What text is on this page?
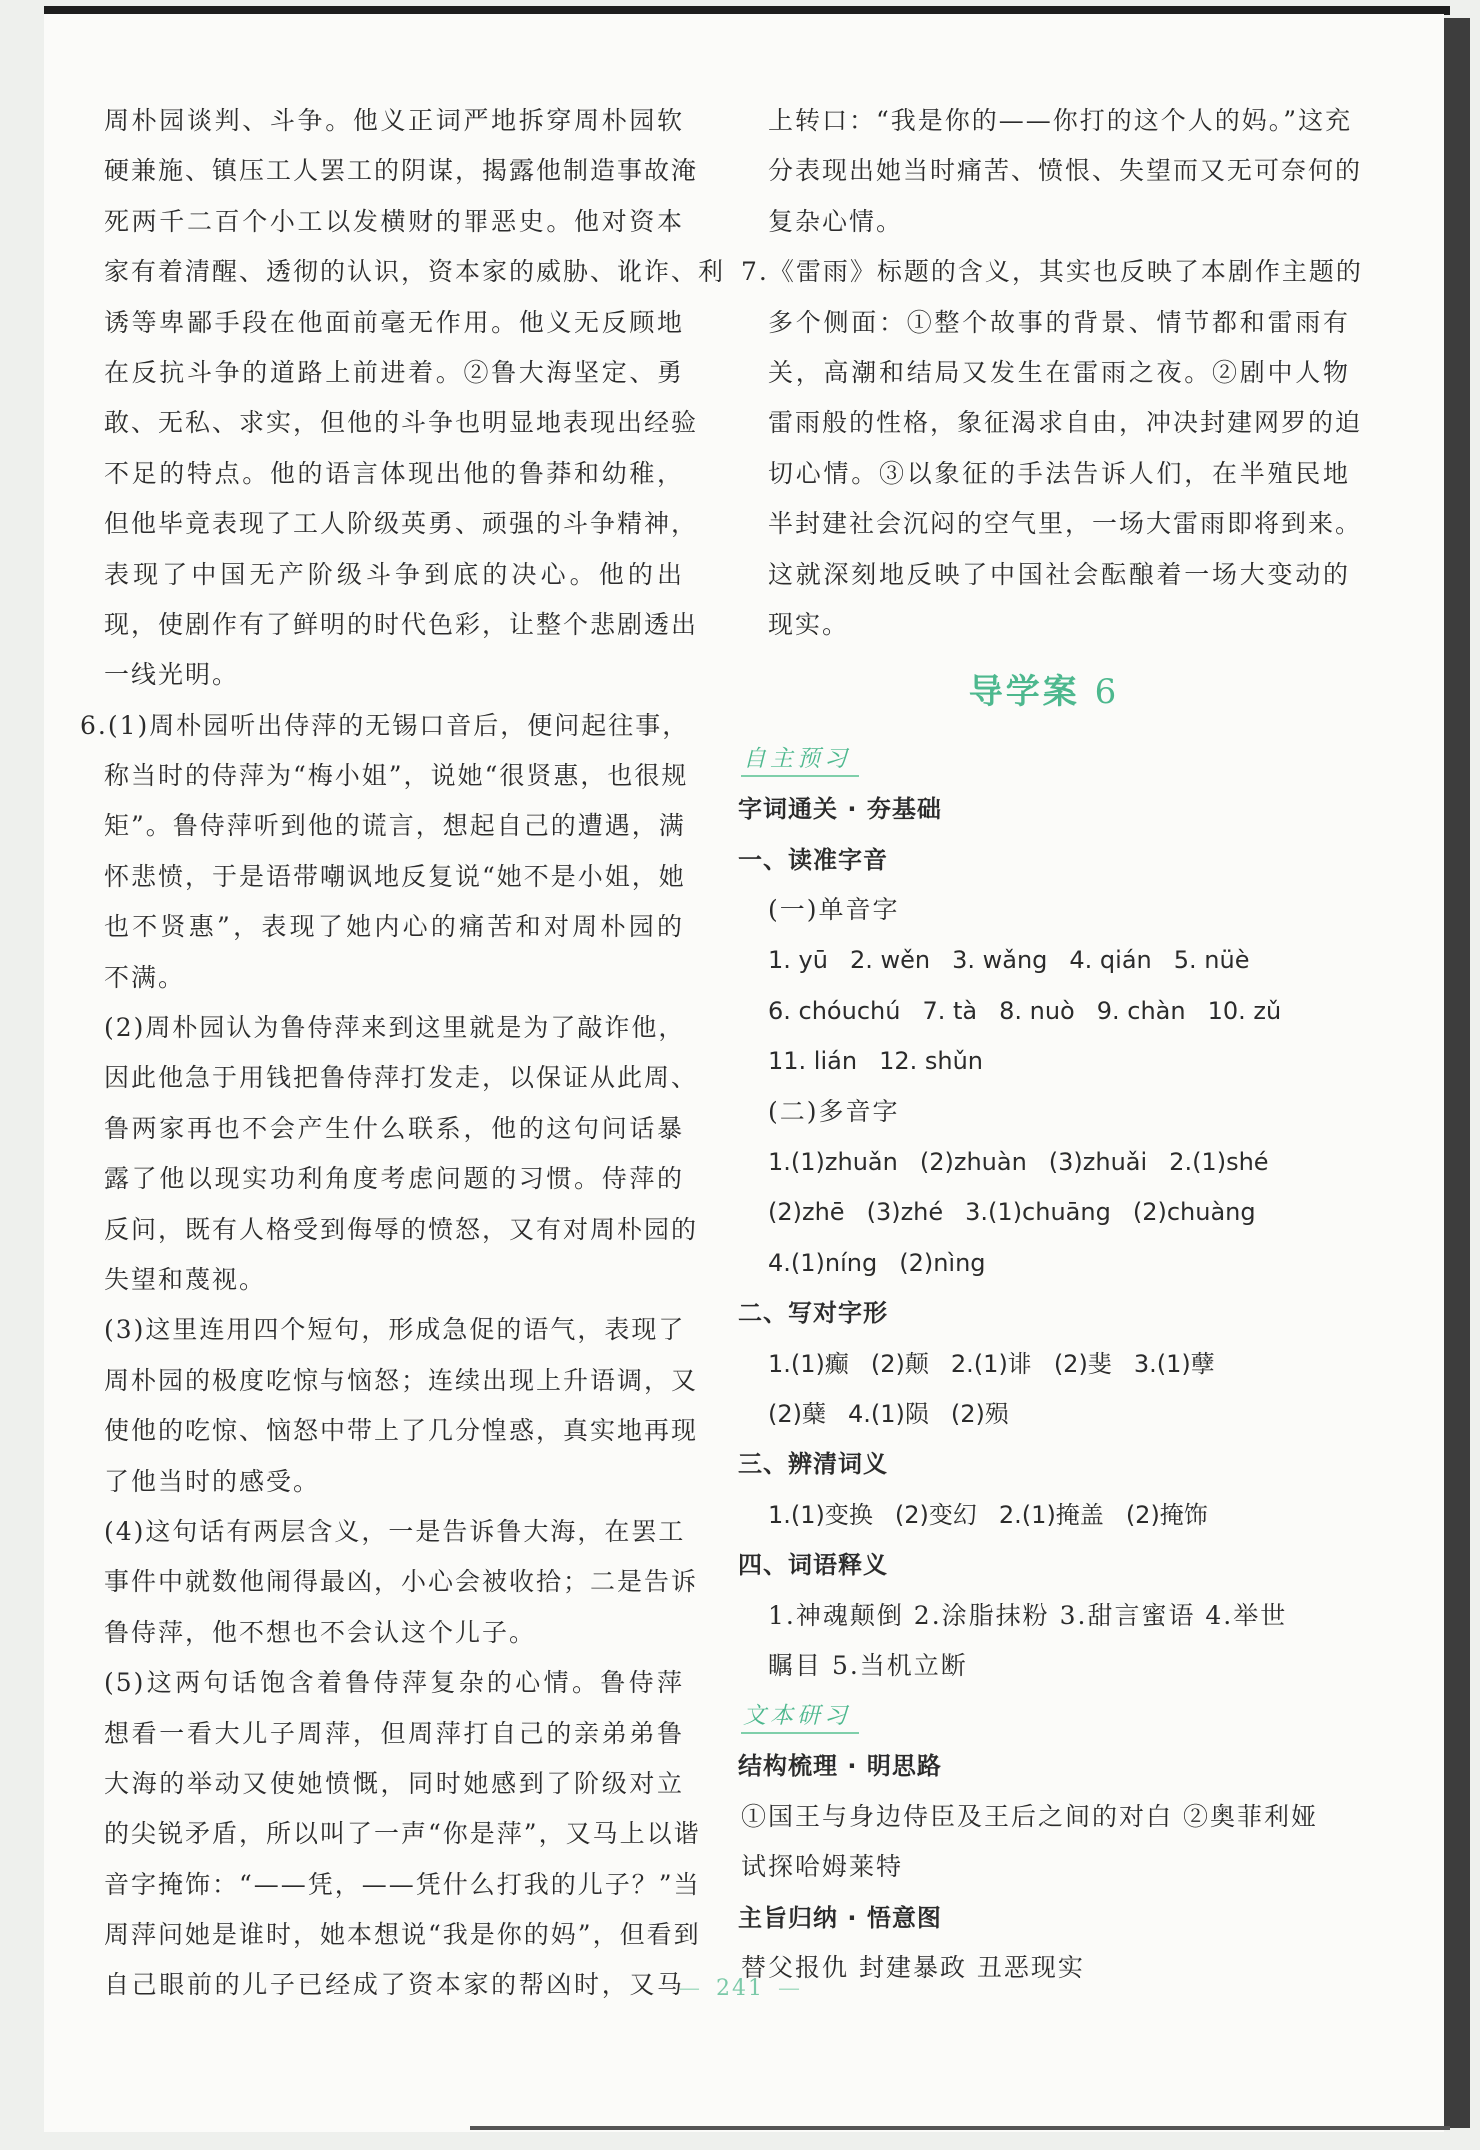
周朴园谈判、斗争。他义正词严地拆穿周朴园软
硬兼施、镇压工人罢工的阴谋，揭露他制造事故淹
死两千二百个小工以发横财的罪恶史。他对资本
家有着清醒、透彻的认识，资本家的威胁、讹诈、利
诱等卑鄙手段在他面前毫无作用。他义无反顾地
在反抗斗争的道路上前进着。②鲁大海坚定、勇
敢、无私、求实，但他的斗争也明显地表现出经验
不足的特点。他的语言体现出他的鲁莽和幼稚，
但他毕竟表现了工人阶级英勇、顽强的斗争精神，
表现了中国无产阶级斗争到底的决心。他的出
现，使剧作有了鲜明的时代色彩，让整个悲剧透出
一线光明。
6.(1)周朴园听出侍萍的无锡口音后，便问起往事，
称当时的侍萍为“梅小姐”，说她“很贤惠，也很规
矩”。鲁侍萍听到他的谎言，想起自己的遭遇，满
怀悲愤，于是语带嘲讽地反复说“她不是小姐，她
也不贤惠”，表现了她内心的痛苦和对周朴园的
不满。
(2)周朴园认为鲁侍萍来到这里就是为了敲诈他，
因此他急于用钱把鲁侍萍打发走，以保证从此周、
鲁两家再也不会产生什么联系，他的这句问话暴
露了他以现实功利角度考虑问题的习惯。侍萍的
反问，既有人格受到侮辱的愤怒，又有对周朴园的
失望和蔑视。
(3)这里连用四个短句，形成急促的语气，表现了
周朴园的极度吃惊与恼怒；连续出现上升语调，又
使他的吃惊、恼怒中带上了几分惶惑，真实地再现
了他当时的感受。
(4)这句话有两层含义，一是告诉鲁大海，在罢工
事件中就数他闹得最凶，小心会被收拾；二是告诉
鲁侍萍，他不想也不会认这个儿子。
(5)这两句话饱含着鲁侍萍复杂的心情。鲁侍萍
想看一看大儿子周萍，但周萍打自己的亲弟弟鲁
大海的举动又使她愤慨，同时她感到了阶级对立
的尖锐矛盾，所以叫了一声“你是萍”，又马上以谐
音字掩饰：“——凭，——凭什么打我的儿子？”当
周萍问她是谁时，她本想说“我是你的妈”，但看到
自己眼前的儿子已经成了资本家的帮凶时，又马
上转口：“我是你的——你打的这个人的妈。”这充
分表现出她当时痛苦、愤恨、失望而又无可奈何的
复杂心情。
7.《雷雨》标题的含义，其实也反映了本剧作主题的
多个侧面：①整个故事的背景、情节都和雷雨有
关，高潮和结局又发生在雷雨之夜。②剧中人物
雷雨般的性格，象征渴求自由，冲决封建网罗的迫
切心情。③以象征的手法告诉人们，在半殖民地
半封建社会沉闷的空气里，一场大雷雨即将到来。
这就深刻地反映了中国社会酝酿着一场大变动的
现实。
导学案 6
自主预习
字词通关 · 夯基础
一、读准字音
(一)单音字
1. yū 2. wěn 3. wǎng 4. qián 5. nüè
6. chóuchú 7. tà 8. nuò 9. chàn 10. zǔ
11. lián 12. shǔn
(二)多音字
1.(1)zhuǎn (2)zhuàn (3)zhuǎi 2.(1)shé
(2)zhē (3)zhé 3.(1)chuāng (2)chuàng
4.(1)níng (2)nìng
二、写对字形
1.(1)癫 (2)颠 2.(1)诽 (2)斐 3.(1)孽
(2)蘖 4.(1)陨 (2)殒
三、辨清词义
1.(1)变换 (2)变幻 2.(1)掩盖 (2)掩饰
四、词语释义
1.神魂颠倒 2.涂脂抹粉 3.甜言蜜语 4.举世
瞩目 5.当机立断
文本研习
结构梳理 · 明思路
①国王与身边侍臣及王后之间的对白 ②奥菲利娅
试探哈姆莱特
主旨归纳 · 悟意图
替父报仇 封建暴政 丑恶现实
— 241 —
